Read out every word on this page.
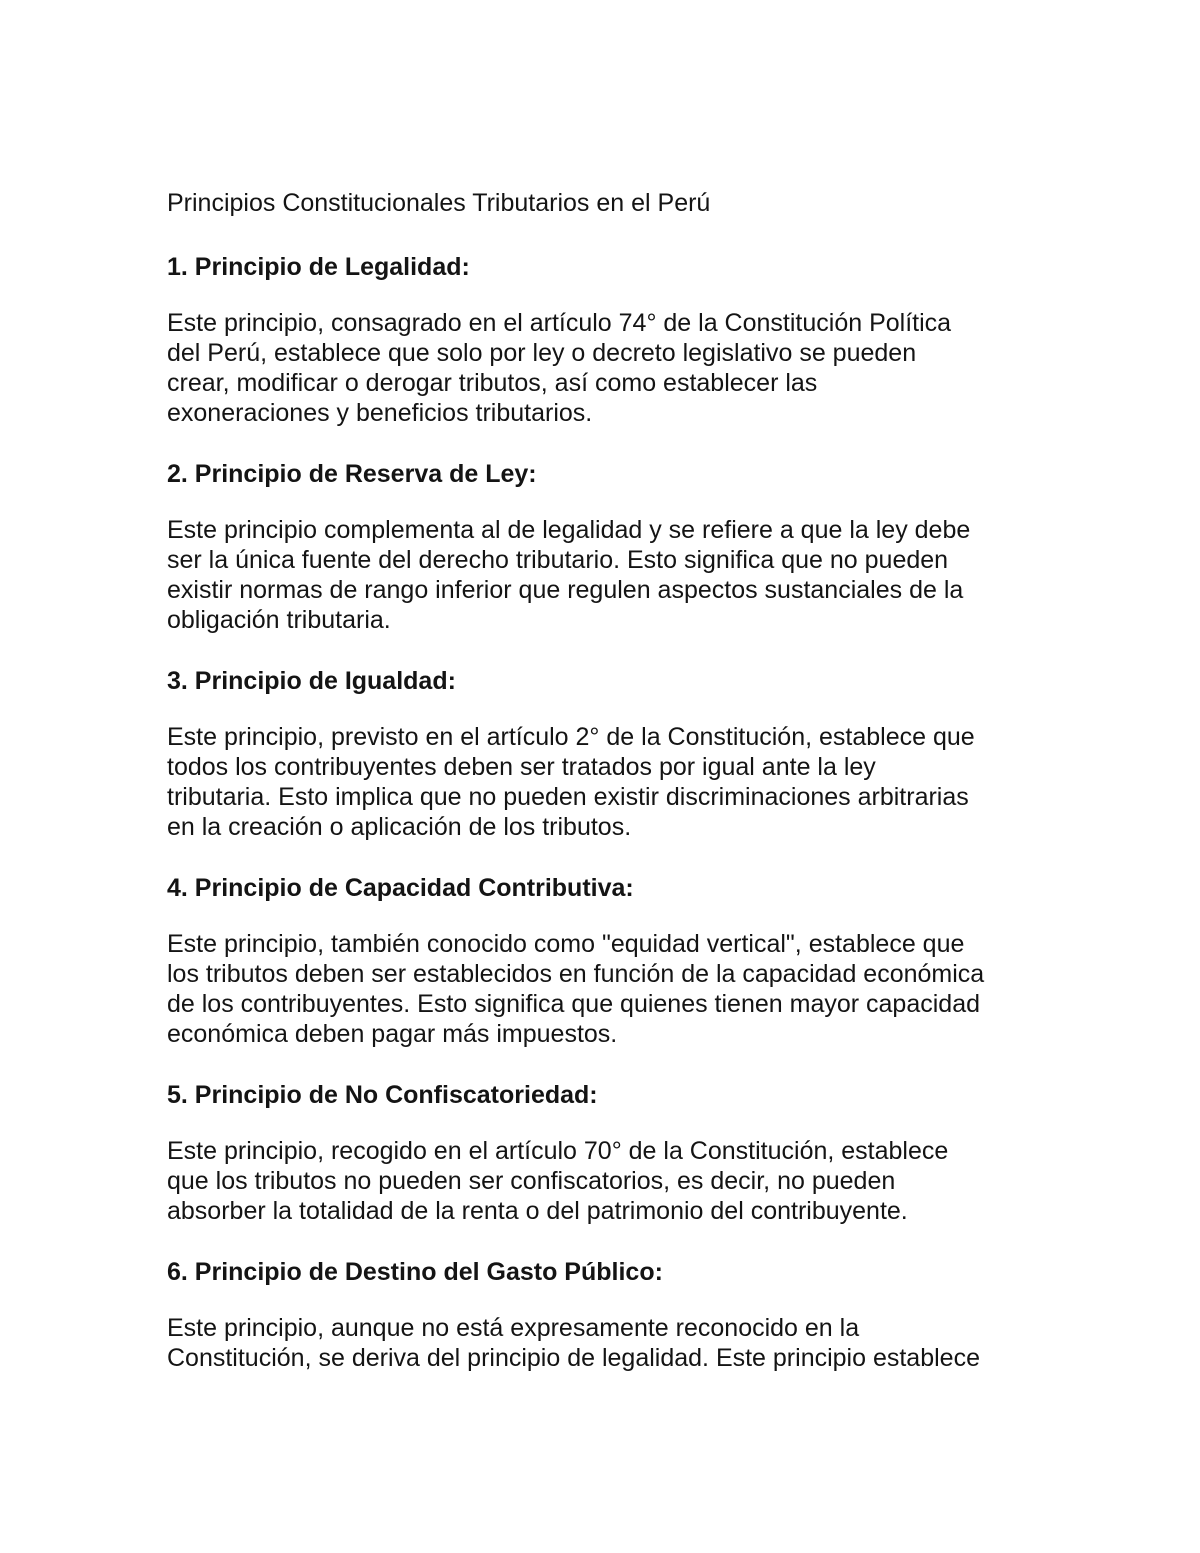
Principios Constitucionales Tributarios en el Perú
1. Principio de Legalidad:
Este principio, consagrado en el artículo 74° de la Constitución Política
del Perú, establece que solo por ley o decreto legislativo se pueden
crear, modificar o derogar tributos, así como establecer las
exoneraciones y beneficios tributarios.
2. Principio de Reserva de Ley:
Este principio complementa al de legalidad y se refiere a que la ley debe
ser la única fuente del derecho tributario. Esto significa que no pueden
existir normas de rango inferior que regulen aspectos sustanciales de la
obligación tributaria.
3. Principio de Igualdad:
Este principio, previsto en el artículo 2° de la Constitución, establece que
todos los contribuyentes deben ser tratados por igual ante la ley
tributaria. Esto implica que no pueden existir discriminaciones arbitrarias
en la creación o aplicación de los tributos.
4. Principio de Capacidad Contributiva:
Este principio, también conocido como "equidad vertical", establece que
los tributos deben ser establecidos en función de la capacidad económica
de los contribuyentes. Esto significa que quienes tienen mayor capacidad
económica deben pagar más impuestos.
5. Principio de No Confiscatoriedad:
Este principio, recogido en el artículo 70° de la Constitución, establece
que los tributos no pueden ser confiscatorios, es decir, no pueden
absorber la totalidad de la renta o del patrimonio del contribuyente.
6. Principio de Destino del Gasto Público:
Este principio, aunque no está expresamente reconocido en la
Constitución, se deriva del principio de legalidad. Este principio establece
